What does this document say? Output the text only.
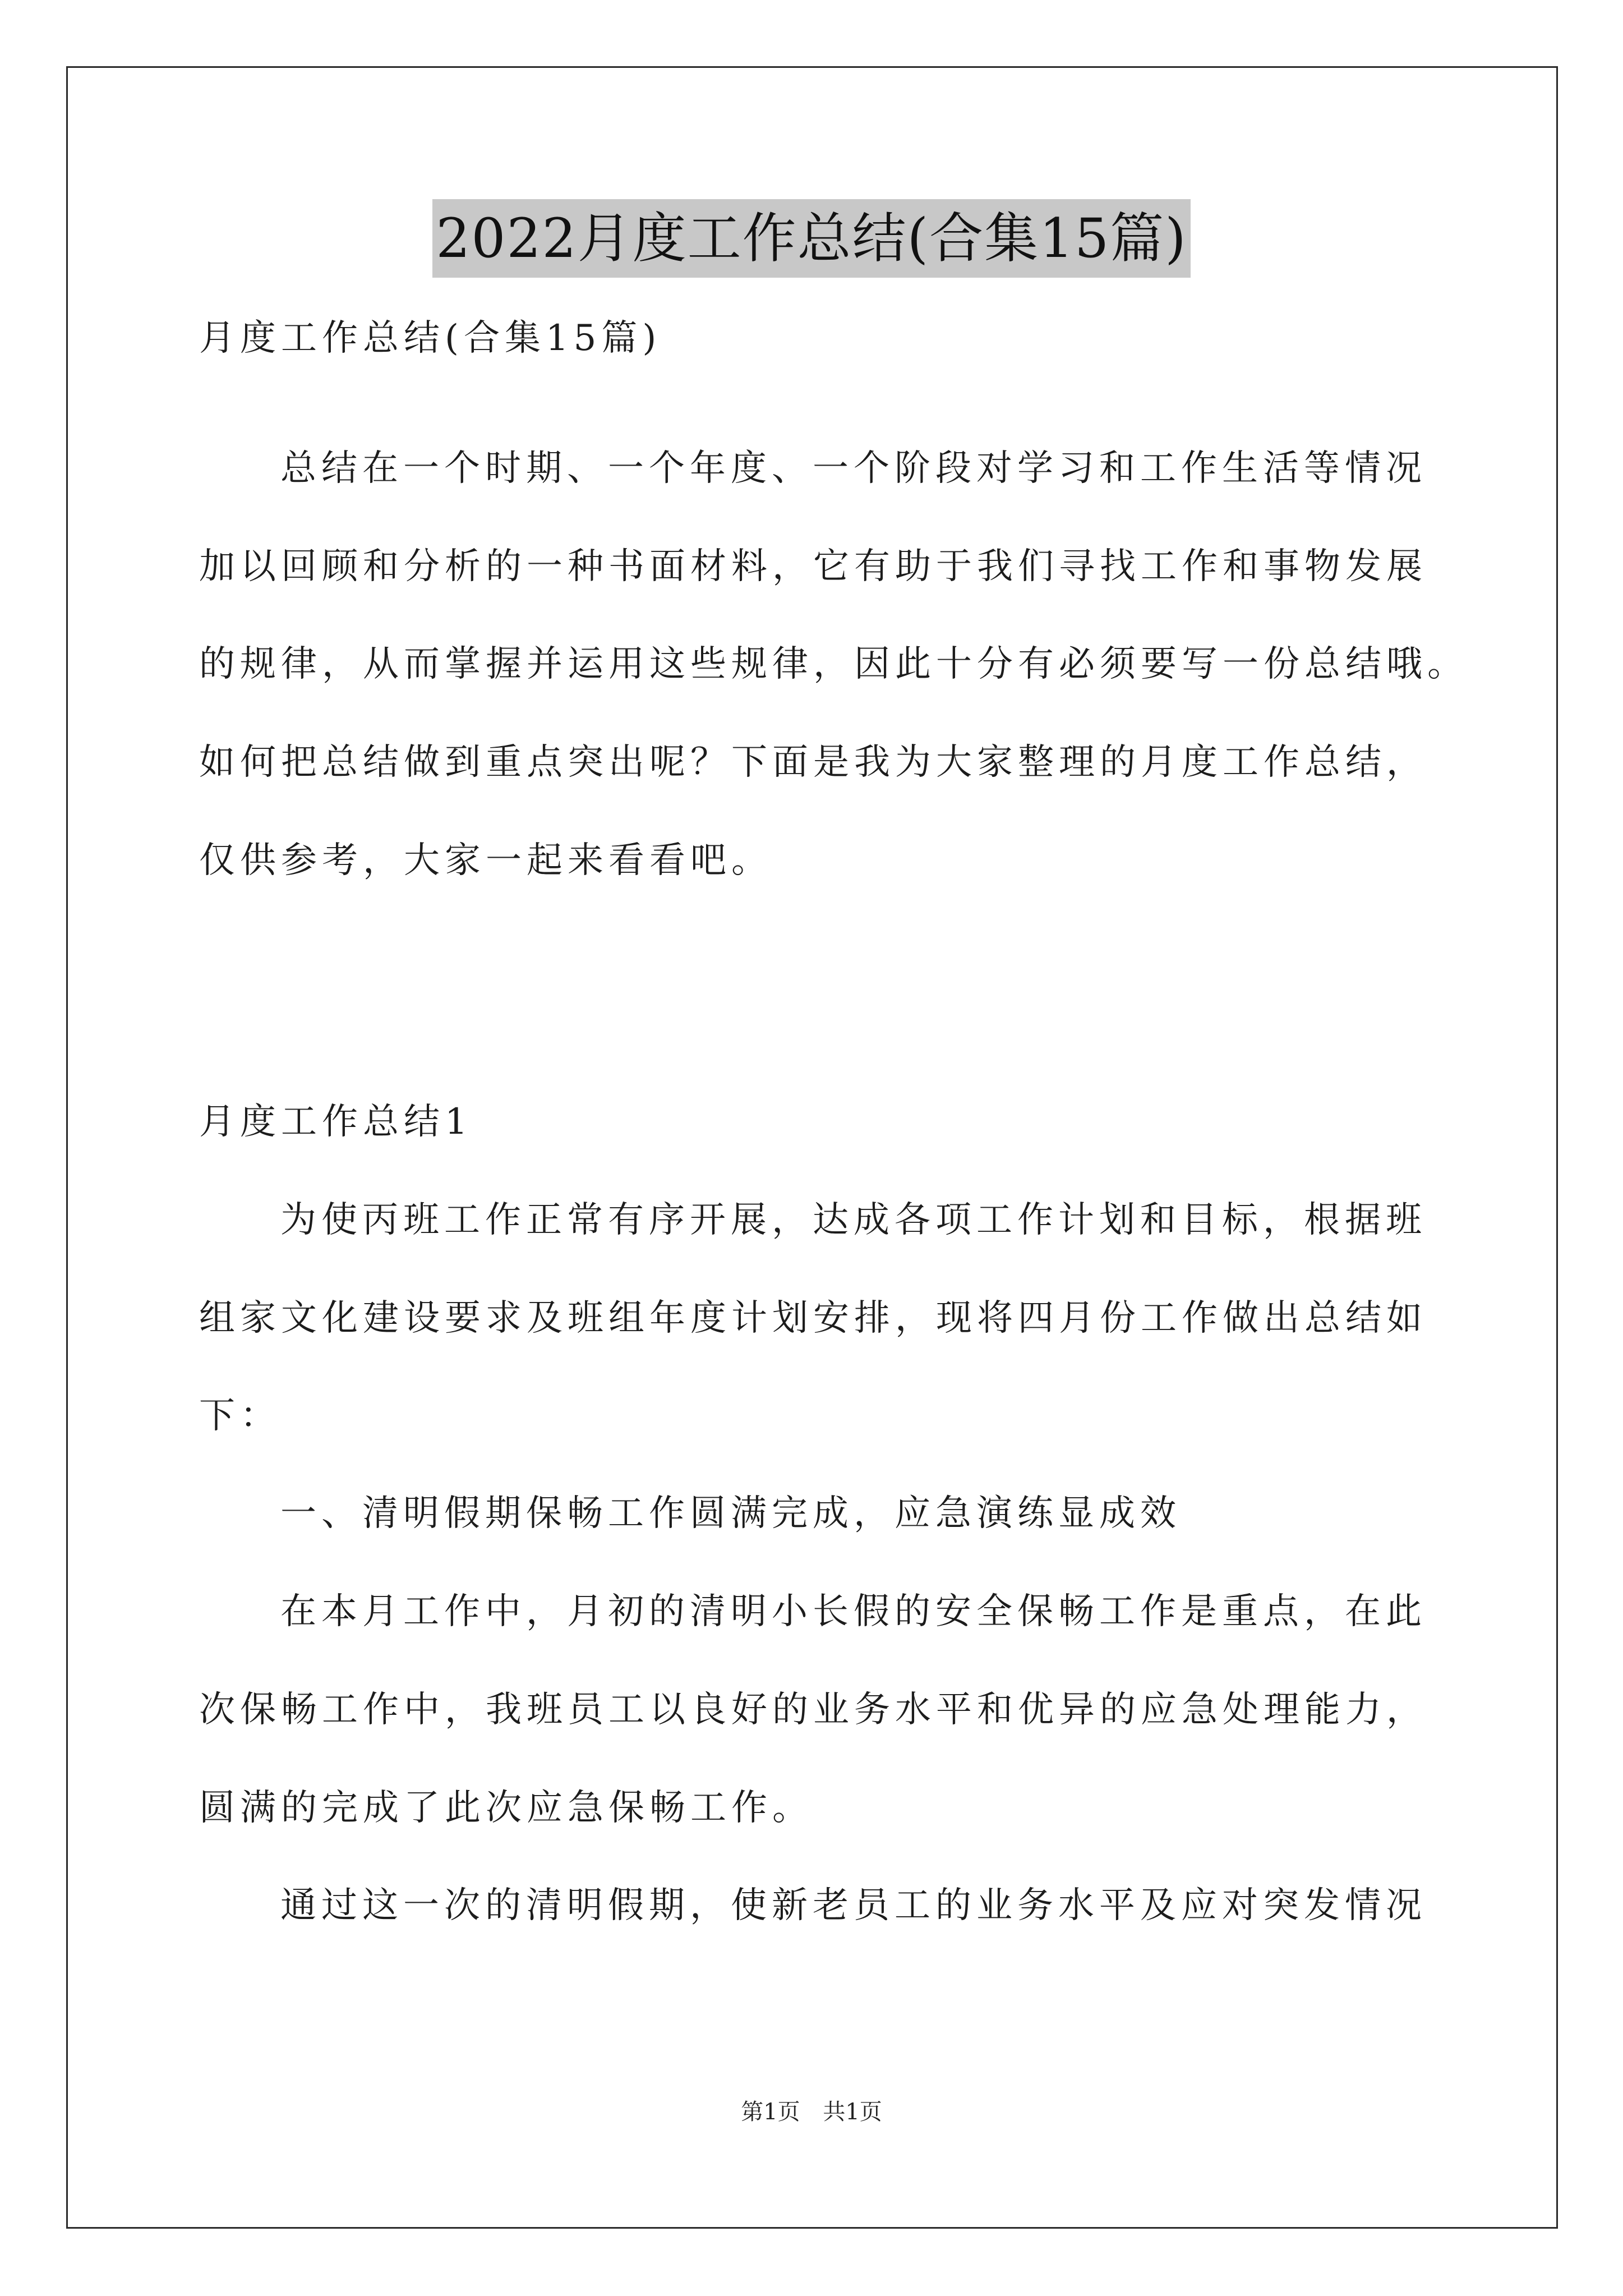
2022月度工作总结(合集15篇)
月度工作总结(合集15篇)
总结在一个时期、一个年度、一个阶段对学习和工作生活等情况
加以回顾和分析的一种书面材料，它有助于我们寻找工作和事物发展
的规律，从而掌握并运用这些规律，因此十分有必须要写一份总结哦。
如何把总结做到重点突出呢？下面是我为大家整理的月度工作总结，
仅供参考，大家一起来看看吧。
月度工作总结1
为使丙班工作正常有序开展，达成各项工作计划和目标，根据班
组家文化建设要求及班组年度计划安排，现将四月份工作做出总结如
下：
一、清明假期保畅工作圆满完成，应急演练显成效
在本月工作中，月初的清明小长假的安全保畅工作是重点，在此
次保畅工作中，我班员工以良好的业务水平和优异的应急处理能力，
圆满的完成了此次应急保畅工作。
通过这一次的清明假期，使新老员工的业务水平及应对突发情况
第1页 共1页
